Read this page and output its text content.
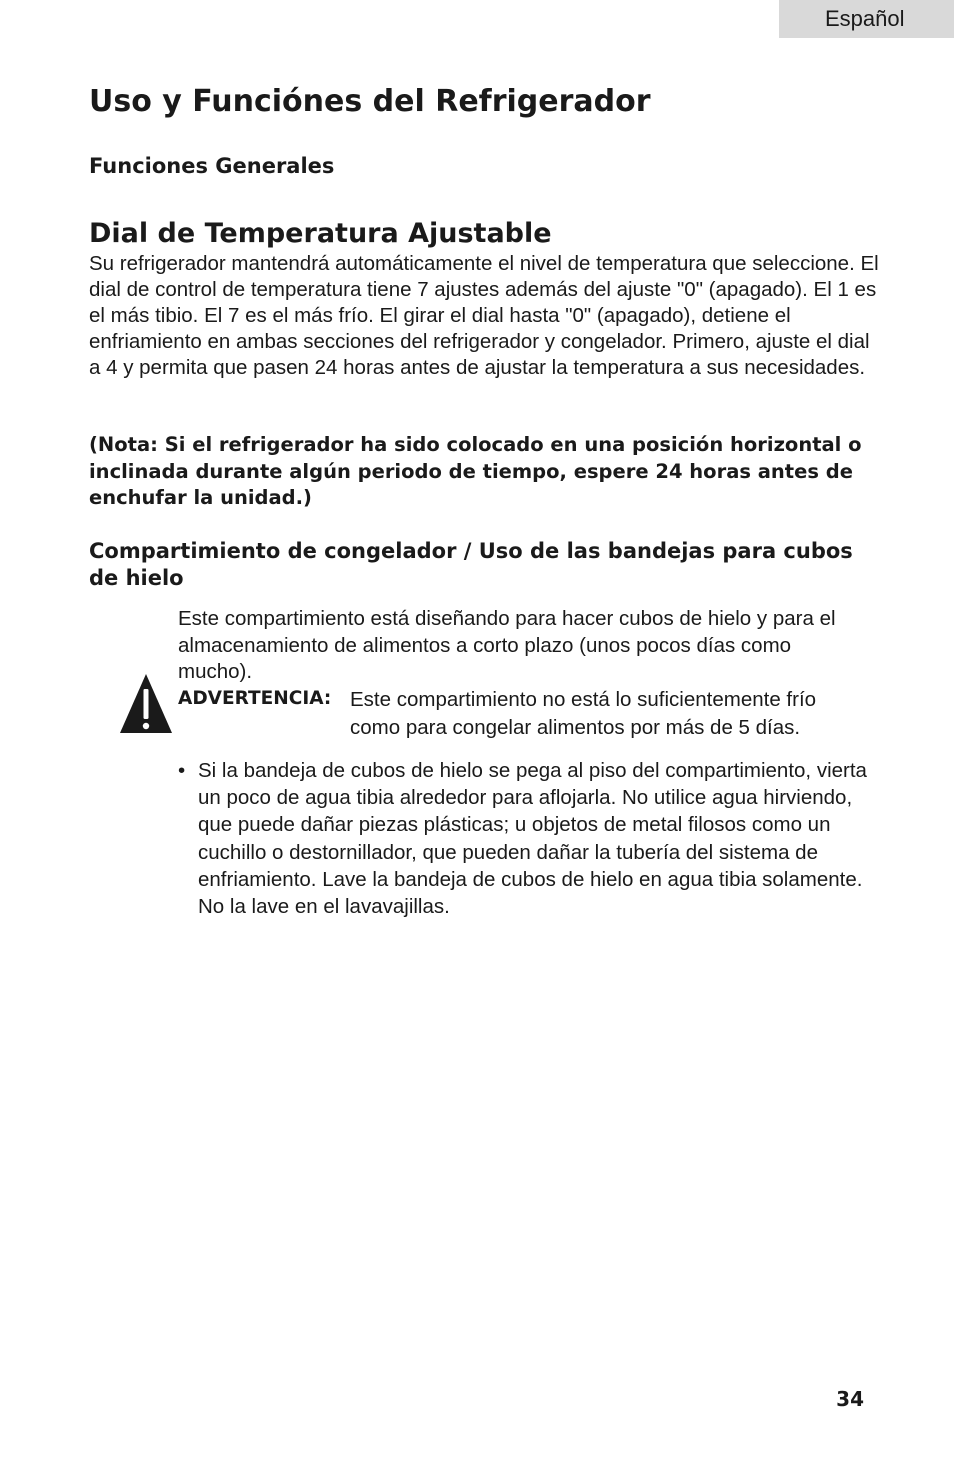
Español
Uso y Funciónes del Refrigerador
Funciones Generales
Dial de Temperatura Ajustable

Su refrigerador mantendrá automáticamente el nivel de temperatura que seleccione. El dial de control de temperatura tiene 7 ajustes además del ajuste "0" (apagado). El 1 es el más tibio. El 7 es el más frío. El girar el dial hasta "0" (apagado), detiene el enfriamiento en ambas secciones del refrigerador y congelador. Primero, ajuste el dial a 4 y permita que pasen 24 horas antes de ajustar la temperatura a sus necesidades.

(Nota: Si el refrigerador ha sido colocado en una posición horizontal o inclinada durante algún periodo de tiempo, espere 24 horas antes de enchufar la unidad.)

Compartimiento de congelador / Uso de las bandejas para cubos de hielo

Este compartimiento está diseñando para hacer cubos de hielo y para el almacenamiento de alimentos a corto plazo (unos pocos días como mucho).

ADVERTENCIA: Este compartimiento no está lo suficientemente frío como para congelar alimentos por más de 5 días.

• Si la bandeja de cubos de hielo se pega al piso del compartimiento, vierta un poco de agua tibia alrededor para aflojarla. No utilice agua hirviendo, que puede dañar piezas plásticas; u objetos de metal filosos como un cuchillo o destornillador, que pueden dañar la tubería del sistema de enfriamiento. Lave la bandeja de cubos de hielo en agua tibia solamente. No la lave en el lavavajillas.

34
